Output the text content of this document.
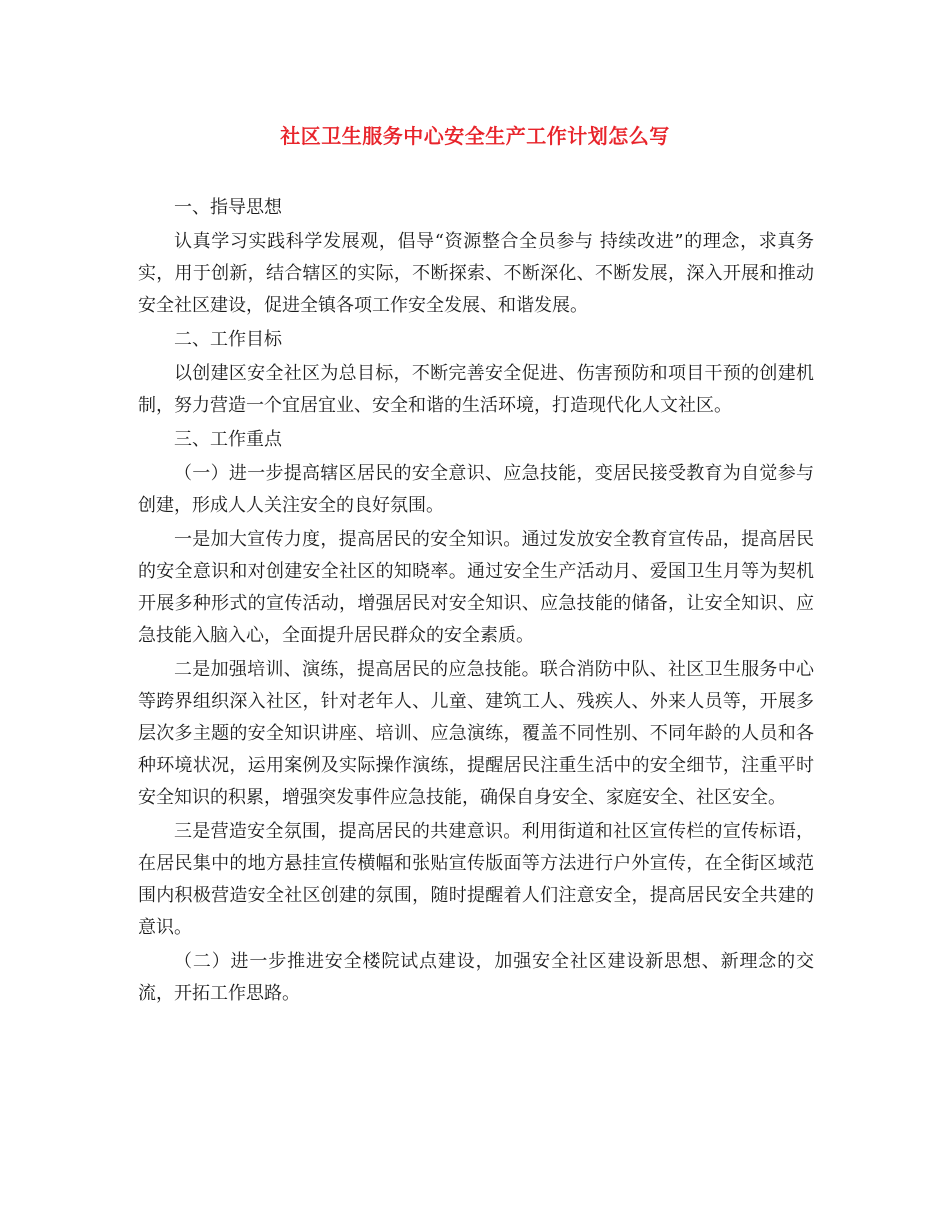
社区卫生服务中心安全生产工作计划怎么写

一、指导思想

认真学习实践科学发展观，倡导“资源整合全员参与 持续改进”的理念，求真务实，用于创新，结合辖区的实际，不断探索、不断深化、不断发展，深入开展和推动安全社区建设，促进全镇各项工作安全发展、和谐发展。

二、工作目标

以创建区安全社区为总目标，不断完善安全促进、伤害预防和项目干预的创建机制，努力营造一个宜居宜业、安全和谐的生活环境，打造现代化人文社区。

三、工作重点

（一）进一步提高辖区居民的安全意识、应急技能，变居民接受教育为自觉参与创建，形成人人关注安全的良好氛围。

一是加大宣传力度，提高居民的安全知识。通过发放安全教育宣传品，提高居民的安全意识和对创建安全社区的知晓率。通过安全生产活动月、爱国卫生月等为契机开展多种形式的宣传活动，增强居民对安全知识、应急技能的储备，让安全知识、应急技能入脑入心，全面提升居民群众的安全素质。

二是加强培训、演练，提高居民的应急技能。联合消防中队、社区卫生服务中心等跨界组织深入社区，针对老年人、儿童、建筑工人、残疾人、外来人员等，开展多层次多主题的安全知识讲座、培训、应急演练，覆盖不同性别、不同年龄的人员和各种环境状况，运用案例及实际操作演练，提醒居民注重生活中的安全细节，注重平时安全知识的积累，增强突发事件应急技能，确保自身安全、家庭安全、社区安全。

三是营造安全氛围，提高居民的共建意识。利用街道和社区宣传栏的宣传标语，在居民集中的地方悬挂宣传横幅和张贴宣传版面等方法进行户外宣传，在全街区域范围内积极营造安全社区创建的氛围，随时提醒着人们注意安全，提高居民安全共建的意识。

（二）进一步推进安全楼院试点建设，加强安全社区建设新思想、新理念的交流，开拓工作思路。
